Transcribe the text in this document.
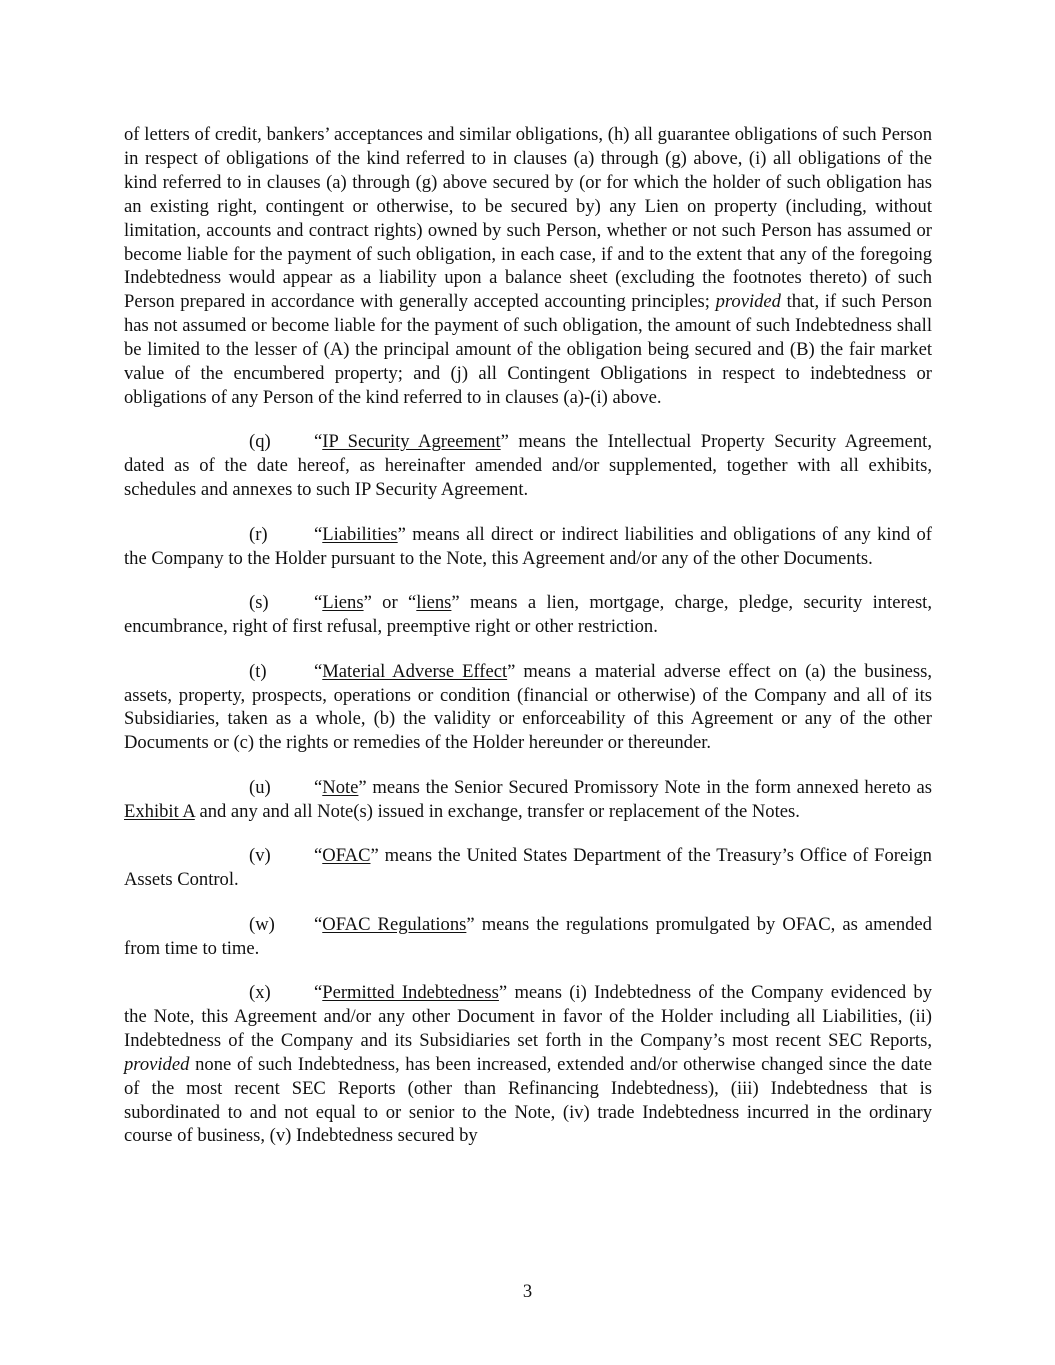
of letters of credit, bankers’ acceptances and similar obligations, (h) all guarantee obligations of such Person in respect of obligations of the kind referred to in clauses (a) through (g) above, (i) all obligations of the kind referred to in clauses (a) through (g) above secured by (or for which the holder of such obligation has an existing right, contingent or otherwise, to be secured by) any Lien on property (including, without limitation, accounts and contract rights) owned by such Person, whether or not such Person has assumed or become liable for the payment of such obligation, in each case, if and to the extent that any of the foregoing Indebtedness would appear as a liability upon a balance sheet (excluding the footnotes thereto) of such Person prepared in accordance with generally accepted accounting principles; provided that, if such Person has not assumed or become liable for the payment of such obligation, the amount of such Indebtedness shall be limited to the lesser of (A) the principal amount of the obligation being secured and (B) the fair market value of the encumbered property; and (j) all Contingent Obligations in respect to indebtedness or obligations of any Person of the kind referred to in clauses (a)-(i) above.

(q) “IP Security Agreement” means the Intellectual Property Security Agreement, dated as of the date hereof, as hereinafter amended and/or supplemented, together with all exhibits, schedules and annexes to such IP Security Agreement.

(r) “Liabilities” means all direct or indirect liabilities and obligations of any kind of the Company to the Holder pursuant to the Note, this Agreement and/or any of the other Documents.

(s) “Liens” or “liens” means a lien, mortgage, charge, pledge, security interest, encumbrance, right of first refusal, preemptive right or other restriction.

(t)	“Material Adverse Effect” means a material adverse effect on (a) the business, assets, property, prospects, operations or condition (financial or otherwise) of the Company and all of its Subsidiaries, taken as a whole, (b) the validity or enforceability of this Agreement or any of the other Documents or (c) the rights or remedies of the Holder hereunder or thereunder.

(u) “Note” means the Senior Secured Promissory Note in the form annexed hereto as Exhibit A and any and all Note(s) issued in exchange, transfer or replacement of the Notes.

(v) “OFAC” means the United States Department of the Treasury’s Office of Foreign Assets Control.

(w) “OFAC Regulations” means the regulations promulgated by OFAC, as amended from time to time.

(x) “Permitted Indebtedness” means (i) Indebtedness of the Company evidenced by the Note, this Agreement and/or any other Document in favor of the Holder including all Liabilities, (ii) Indebtedness of the Company and its Subsidiaries set forth in the Company’s most recent SEC Reports, provided none of such Indebtedness, has been increased, extended and/or otherwise changed since the date of the most recent SEC Reports (other than Refinancing Indebtedness), (iii) Indebtedness that is subordinated to and not equal to or senior to the Note, (iv) trade Indebtedness incurred in the ordinary course of business, (v) Indebtedness secured by

3
